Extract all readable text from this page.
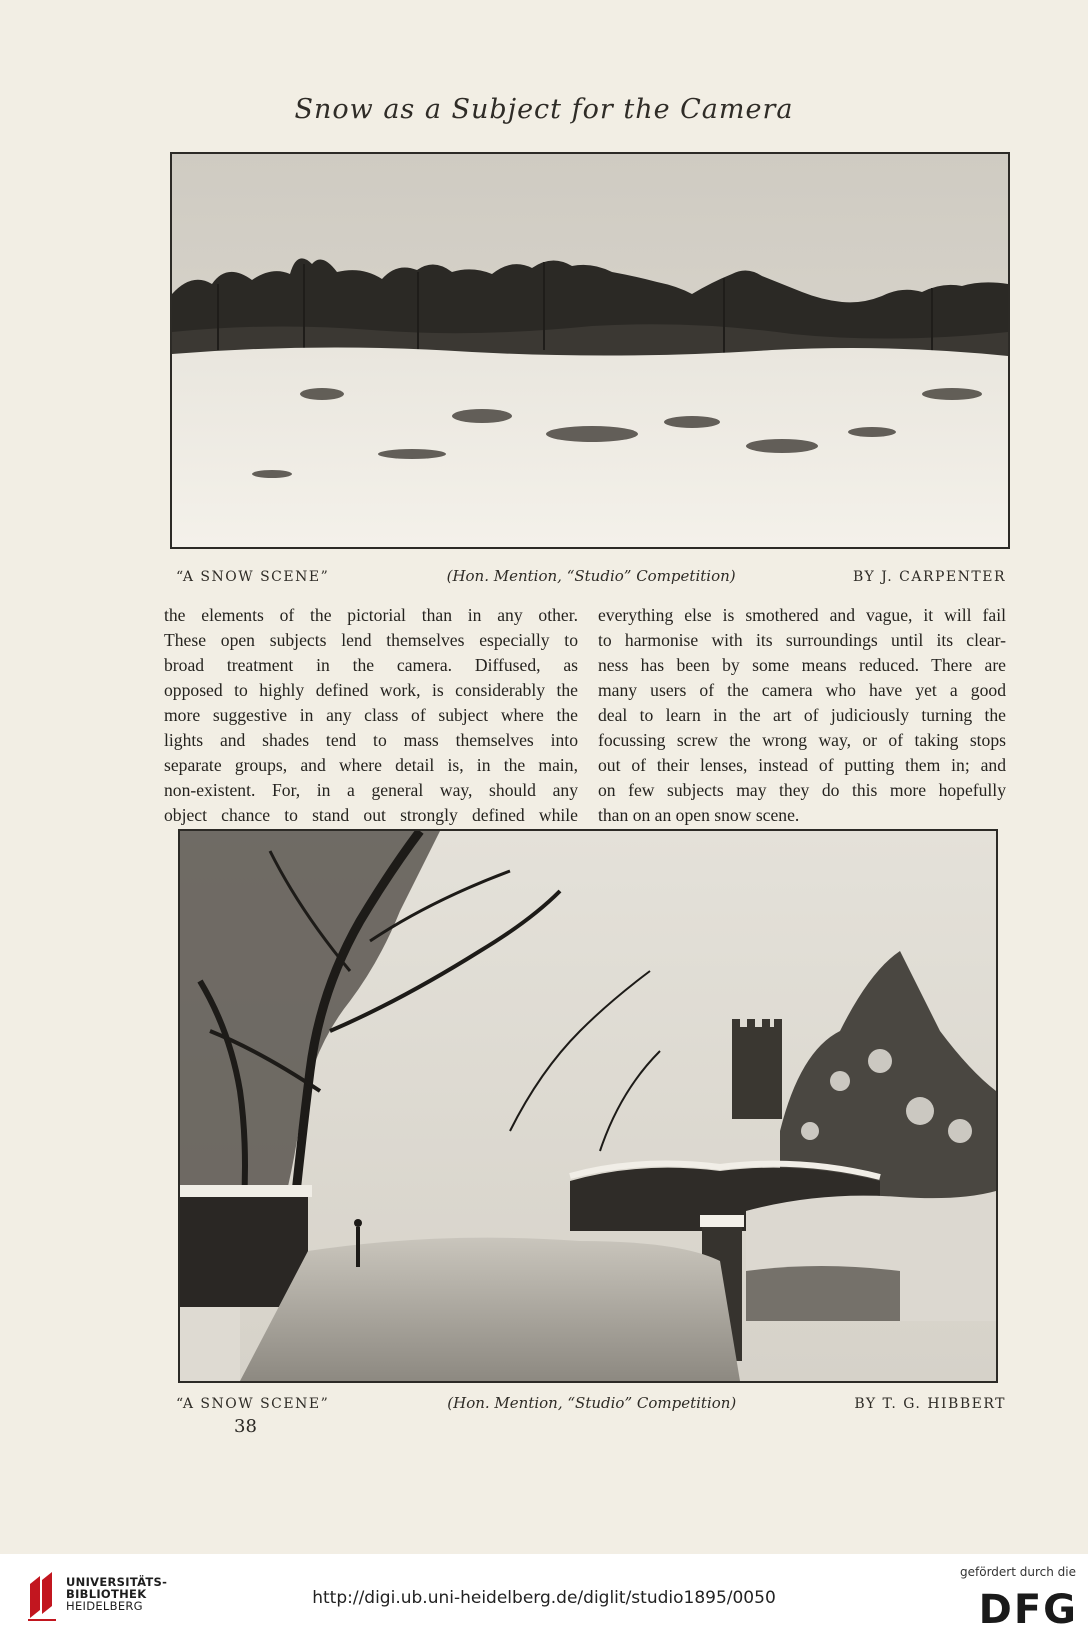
Snow as a Subject for the Camera
“A SNOW SCENE”	(Hon. Mention, “Studio” Competition)	BY J. CARPENTER
the elements of the pictorial than in any other.
These open subjects lend themselves especially to
broad treatment in the camera. Diffused, as
opposed to highly defined work, is considerably the
more suggestive in any class of subject where the
lights and shades tend to mass themselves into
separate groups, and where detail is, in the main,
non-existent. For, in a general way, should any
object chance to stand out strongly defined while
everything else is smothered and vague, it will fail
to harmonise with its surroundings until its clear-
ness has been by some means reduced. There are
many users of the camera who have yet a good
deal to learn in the art of judiciously turning the
focussing screw the wrong way, or of taking stops
out of their lenses, instead of putting them in; and
on few subjects may they do this more hopefully
than on an open snow scene.
“A SNOW SCENE”	(Hon. Mention, “Studio” Competition)	BY T. G. HIBBERT
38
UNIVERSITÄTS-
BIBLIOTHEK
HEIDELBERG	http://digi.ub.uni-heidelberg.de/diglit/studio1895/0050
gefördert durch die
DFG
